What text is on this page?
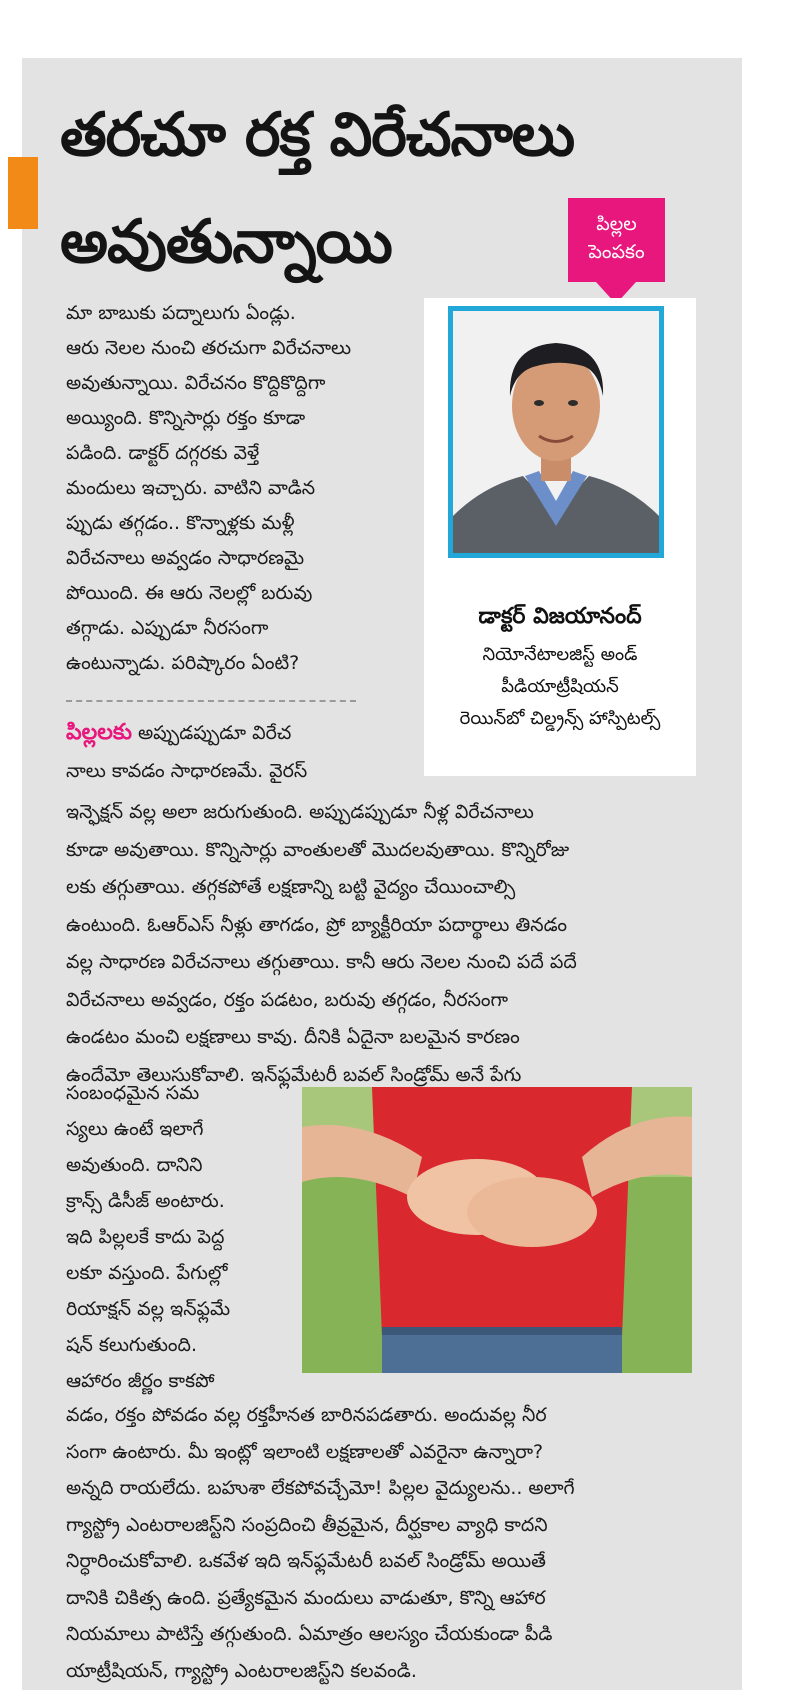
తరచూ రక్త విరేచనాలు
అవుతున్నాయి	పిల్లల
పెంపకం

డాక్టర్ విజయానంద్

నియోనేటాలజిస్ట్ అండ్

పీడియాట్రీషియన్

రెయిన్‌బో చిల్డ్రన్స్ హాస్పిటల్స్

మా బాబుకు పద్నాలుగు ఏండ్లు.
ఆరు నెలల నుంచి తరచుగా విరేచనాలు
అవుతున్నాయి. విరేచనం కొద్దికొద్దిగా
అయ్యింది. కొన్నిసార్లు రక్తం కూడా
పడింది. డాక్టర్ దగ్గరకు వెళ్తే
మందులు ఇచ్చారు. వాటిని వాడిన
ప్పుడు తగ్గడం.. కొన్నాళ్లకు మళ్లీ
విరేచనాలు అవ్వడం సాధారణమై
పోయింది. ఈ ఆరు నెలల్లో బరువు
తగ్గాడు. ఎప్పుడూ నీరసంగా
ఉంటున్నాడు. పరిష్కారం ఏంటి?

పిల్లలకు అప్పుడప్పుడూ విరేచ

నాలు కావడం సాధారణమే. వైరస్

ఇన్ఫెక్షన్ వల్ల అలా జరుగుతుంది. అప్పుడప్పుడూ నీళ్ల విరేచనాలు
కూడా అవుతాయి. కొన్నిసార్లు వాంతులతో మొదలవుతాయి. కొన్నిరోజు
లకు తగ్గుతాయి. తగ్గకపోతే లక్షణాన్ని బట్టి వైద్యం చేయించాల్సి
ఉంటుంది. ఓఆర్ఎస్ నీళ్లు తాగడం, ప్రో బ్యాక్టీరియా పదార్థాలు తినడం
వల్ల సాధారణ విరేచనాలు తగ్గుతాయి. కానీ ఆరు నెలల నుంచి పదే పదే
విరేచనాలు అవ్వడం, రక్తం పడటం, బరువు తగ్గడం, నీరసంగా
ఉండటం మంచి లక్షణాలు కావు. దీనికి ఏదైనా బలమైన కారణం
ఉందేమో తెలుసుకోవాలి. ఇన్‌ఫ్లమేటరీ బవల్ సిండ్రోమ్ అనే పేగు

సంబంధమైన సమ
స్యలు ఉంటే ఇలాగే
అవుతుంది. దానిని
క్రాన్స్ డిసీజ్ అంటారు.
ఇది పిల్లలకే కాదు పెద్ద
లకూ వస్తుంది. పేగుల్లో
రియాక్షన్ వల్ల ఇన్‌ఫ్లమే
షన్ కలుగుతుంది.
ఆహారం జీర్ణం కాకపో

వడం, రక్తం పోవడం వల్ల రక్తహీనత బారినపడతారు. అందువల్ల నీర
సంగా ఉంటారు. మీ ఇంట్లో ఇలాంటి లక్షణాలతో ఎవరైనా ఉన్నారా?
అన్నది రాయలేదు. బహుశా లేకపోవచ్చేమో! పిల్లల వైద్యులను.. అలాగే
గ్యాస్ట్రో ఎంటరాలజిస్ట్‌ని సంప్రదించి తీవ్రమైన, దీర్ఘకాల వ్యాధి కాదని
నిర్ధారించుకోవాలి. ఒకవేళ ఇది ఇన్‌ఫ్లమేటరీ బవల్ సిండ్రోమ్ అయితే
దానికి చికిత్స ఉంది. ప్రత్యేకమైన మందులు వాడుతూ, కొన్ని ఆహార
నియమాలు పాటిస్తే తగ్గుతుంది. ఏమాత్రం ఆలస్యం చేయకుండా పీడి
యాట్రీషియన్, గ్యాస్ట్రో ఎంటరాలజిస్ట్‌ని కలవండి.
